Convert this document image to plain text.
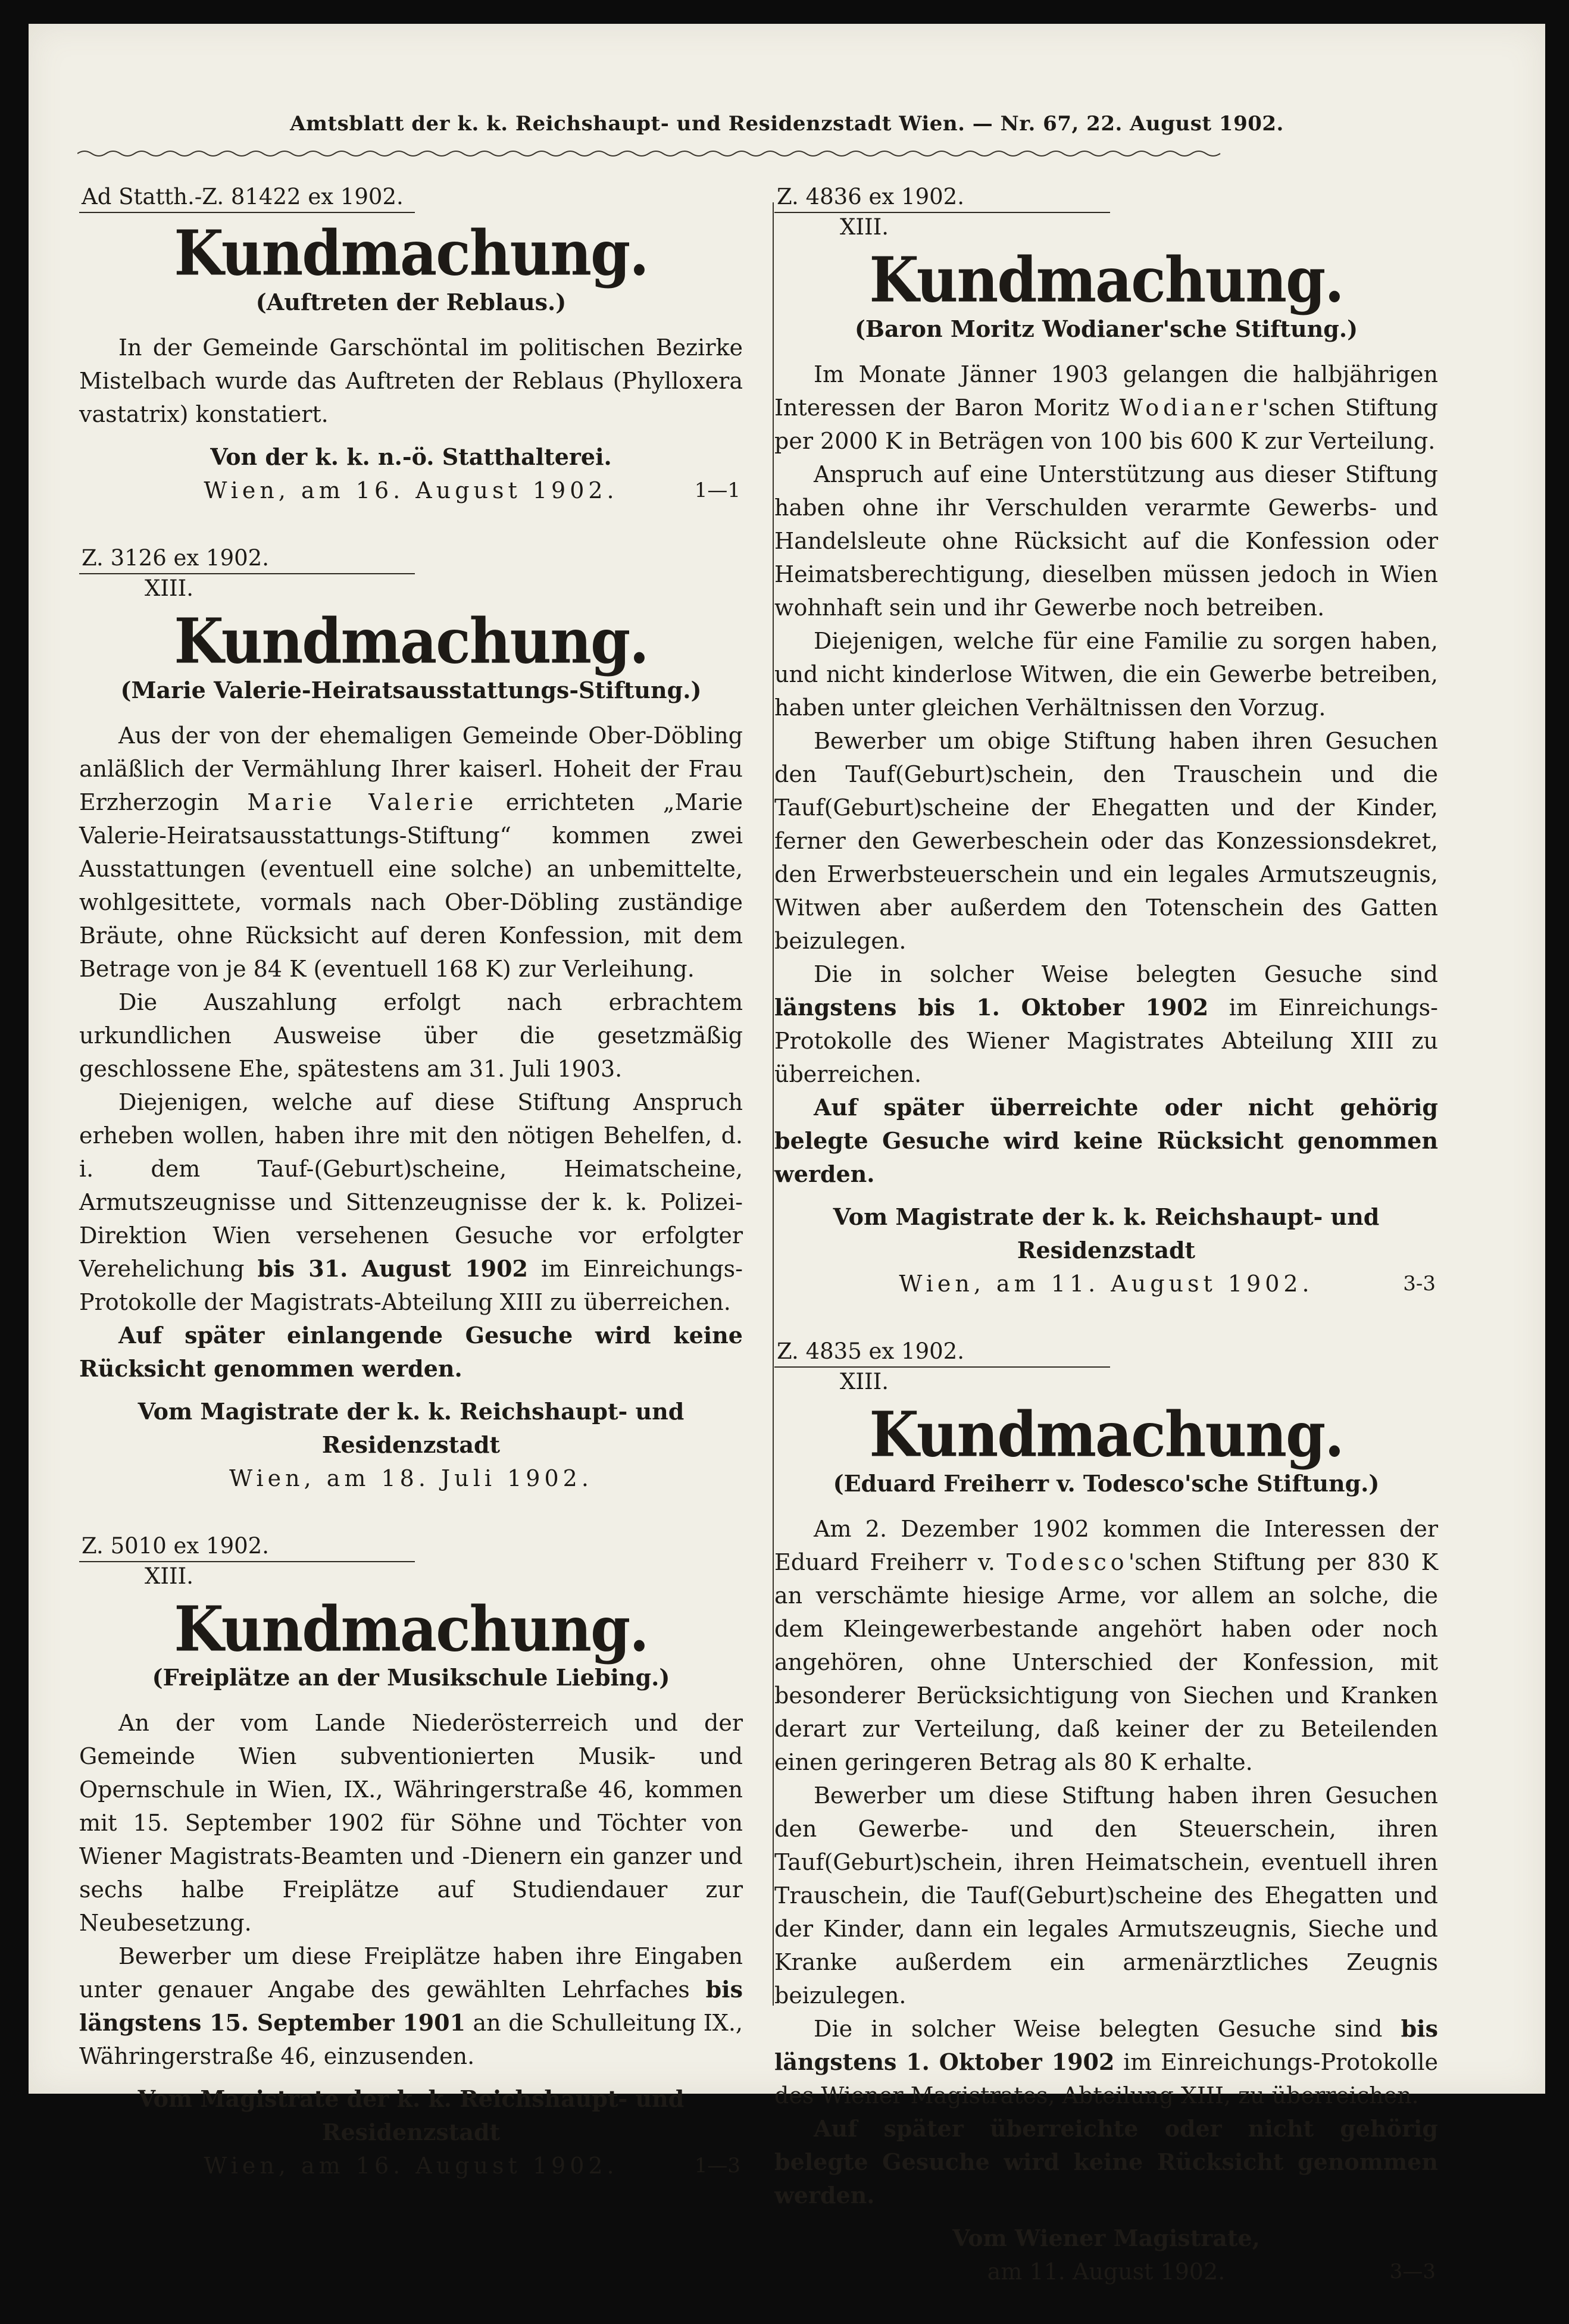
Amtsblatt der k. k. Reichshaupt- und Residenzstadt Wien. — Nr. 67, 22. August 1902.
Ad Statth.-Z. 81422 ex 1902.
Kundmachung.
(Auftreten der Reblaus.)

In der Gemeinde Garschöntal im politischen Bezirke Mistelbach wurde das Auftreten der Reblaus (Phylloxera vastatrix) konstatiert.

Von der k. k. n.-ö. Statthalterei.
Wien, am 16. August 1902.	1—1
Z. 3126 ex 1902.
XIII.
Kundmachung.
(Marie Valerie-Heiratsausstattungs-Stiftung.)

Aus der von der ehemaligen Gemeinde Ober-Döbling anläßlich der Vermählung Ihrer kaiserl. Hoheit der Frau Erzherzogin Marie Valerie errichteten „Marie Valerie-Heiratsausstattungs-Stiftung“ kommen zwei Ausstattungen (eventuell eine solche) an unbemittelte, wohlgesittete, vormals nach Ober-Döbling zuständige Bräute, ohne Rücksicht auf deren Konfession, mit dem Betrage von je 84 K (eventuell 168 K) zur Verleihung.

Die Auszahlung erfolgt nach erbrachtem urkundlichen Ausweise über die gesetzmäßig geschlossene Ehe, spätestens am 31. Juli 1903.

Diejenigen, welche auf diese Stiftung Anspruch erheben wollen, haben ihre mit den nötigen Behelfen, d. i. dem Tauf-(Geburt)scheine, Heimatscheine, Armutszeugnisse und Sittenzeugnisse der k. k. Polizei-Direktion Wien versehenen Gesuche vor erfolgter Verehelichung bis 31. August 1902 im Einreichungs-Protokolle der Magistrats-Abteilung XIII zu überreichen.

Auf später einlangende Gesuche wird keine Rücksicht genommen werden.

Vom Magistrate der k. k. Reichshaupt- und Residenzstadt
Wien, am 18. Juli 1902.
Z. 5010 ex 1902.
XIII.
Kundmachung.
(Freiplätze an der Musikschule Liebing.)

An der vom Lande Niederösterreich und der Gemeinde Wien subventionierten Musik- und Opernschule in Wien, IX., Währingerstraße 46, kommen mit 15. September 1902 für Söhne und Töchter von Wiener Magistrats-Beamten und -Dienern ein ganzer und sechs halbe Freiplätze auf Studiendauer zur Neubesetzung.

Bewerber um diese Freiplätze haben ihre Eingaben unter genauer Angabe des gewählten Lehrfaches bis längstens 15. September 1901 an die Schulleitung IX., Währingerstraße 46, einzusenden.

Vom Magistrate der k. k. Reichshaupt- und Residenzstadt
Wien, am 16. August 1902.	1—3
Z. 4836 ex 1902.
XIII.
Kundmachung.
(Baron Moritz Wodianer'sche Stiftung.)

Im Monate Jänner 1903 gelangen die halbjährigen Interessen der Baron Moritz Wodianer'schen Stiftung per 2000 K in Beträgen von 100 bis 600 K zur Verteilung.

Anspruch auf eine Unterstützung aus dieser Stiftung haben ohne ihr Verschulden verarmte Gewerbs- und Handelsleute ohne Rücksicht auf die Konfession oder Heimatsberechtigung, dieselben müssen jedoch in Wien wohnhaft sein und ihr Gewerbe noch betreiben.

Diejenigen, welche für eine Familie zu sorgen haben, und nicht kinderlose Witwen, die ein Gewerbe betreiben, haben unter gleichen Verhältnissen den Vorzug.

Bewerber um obige Stiftung haben ihren Gesuchen den Tauf(Geburt)schein, den Trauschein und die Tauf(Geburt)scheine der Ehegatten und der Kinder, ferner den Gewerbeschein oder das Konzessionsdekret, den Erwerbsteuerschein und ein legales Armutszeugnis, Witwen aber außerdem den Totenschein des Gatten beizulegen.

Die in solcher Weise belegten Gesuche sind längstens bis 1. Oktober 1902 im Einreichungs-Protokolle des Wiener Magistrates Abteilung XIII zu überreichen.

Auf später überreichte oder nicht gehörig belegte Gesuche wird keine Rücksicht genommen werden.

Vom Magistrate der k. k. Reichshaupt- und Residenzstadt
Wien, am 11. August 1902.	3-3
Z. 4835 ex 1902.
XIII.
Kundmachung.
(Eduard Freiherr v. Todesco'sche Stiftung.)

Am 2. Dezember 1902 kommen die Interessen der Eduard Freiherr v. Todesco'schen Stiftung per 830 K an verschämte hiesige Arme, vor allem an solche, die dem Kleingewerbestande angehört haben oder noch angehören, ohne Unterschied der Konfession, mit besonderer Berücksichtigung von Siechen und Kranken derart zur Verteilung, daß keiner der zu Beteilenden einen geringeren Betrag als 80 K erhalte.

Bewerber um diese Stiftung haben ihren Gesuchen den Gewerbe- und den Steuerschein, ihren Tauf(Geburt)schein, ihren Heimatschein, eventuell ihren Trauschein, die Tauf(Geburt)scheine des Ehegatten und der Kinder, dann ein legales Armutszeugnis, Sieche und Kranke außerdem ein armenärztliches Zeugnis beizulegen.

Die in solcher Weise belegten Gesuche sind bis längstens 1. Oktober 1902 im Einreichungs-Protokolle des Wiener Magistrates, Abteilung XIII, zu überreichen.

Auf später überreichte oder nicht gehörig belegte Gesuche wird keine Rücksicht genommen werden.

Vom Wiener Magistrate,
am 11. August 1902.	3—3
